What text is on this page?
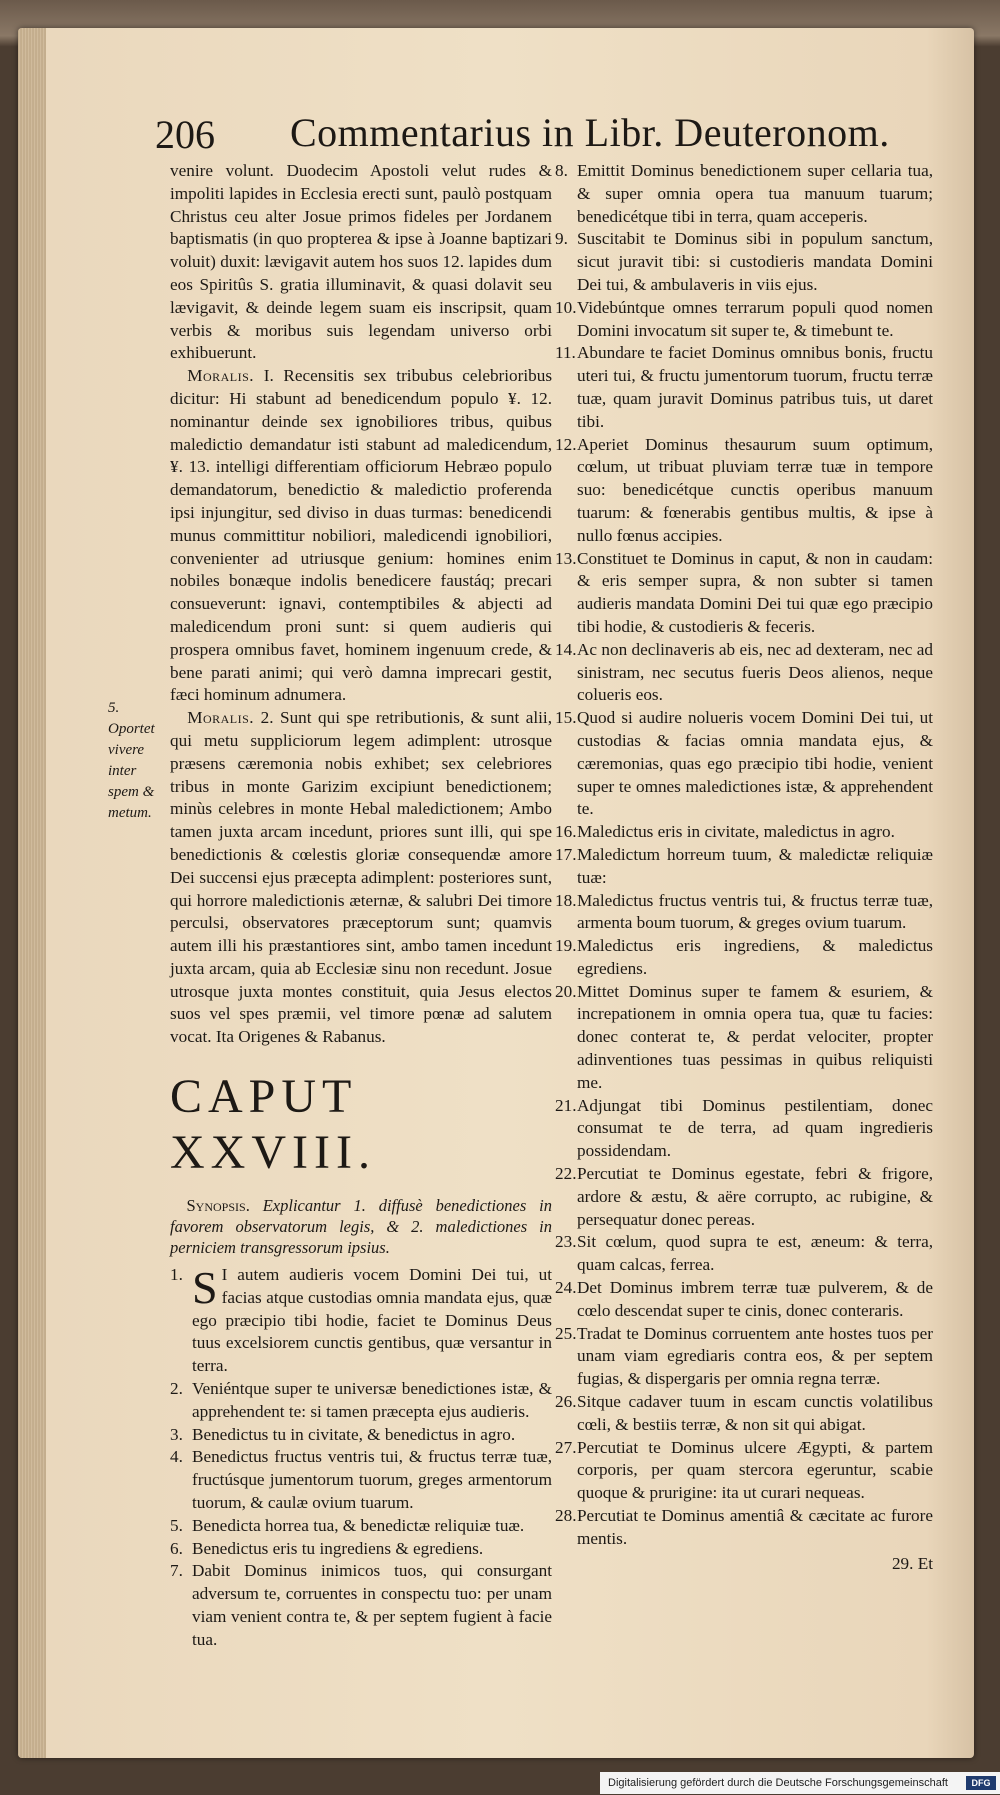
206 Commentarius in Libr. Deuteronom.
5. Oportet vivere inter spem & metum.

venire volunt. Duodecim Apostoli velut rudes & impoliti lapides in Ecclesia erecti sunt, paulò postquam Christus ceu alter Josue primos fideles per Jordanem baptismatis (in quo propterea & ipse à Joanne baptizari voluit) duxit: lævigavit autem hos suos 12. lapides dum eos Spiritûs S. gratia illuminavit, & quasi dolavit seu lævigavit, & deinde legem suam eis inscripsit, quam verbis & moribus suis legendam universo orbi exhibuerunt.

 Moralis. I. Recensitis sex tribubus celebrioribus dicitur: Hi stabunt ad benedicendum populo ¥. 12. nominantur deinde sex ignobiliores tribus, quibus maledictio demandatur isti stabunt ad maledicendum, ¥. 13. intelligi differentiam officiorum Hebræo populo demandatorum, benedictio & maledictio proferenda ipsi injungitur, sed diviso in duas turmas: benedicendi munus committitur nobiliori, maledicendi ignobiliori, convenienter ad utriusque genium: homines enim nobiles bonæque indolis benedicere faustáq; precari consueverunt: ignavi, contemptibiles & abjecti ad maledicendum proni sunt: si quem audieris qui prospera omnibus favet, hominem ingenuum crede, & bene parati animi; qui verò damna imprecari gestit, fæci hominum adnumera.

 Moralis. 2. Sunt qui spe retributionis, & sunt alii, qui metu suppliciorum legem adimplent: utrosque præsens cæremonia nobis exhibet; sex celebriores tribus in monte Garizim excipiunt benedictionem; minùs celebres in monte Hebal maledictionem; Ambo tamen juxta arcam incedunt, priores sunt illi, qui spe benedictionis & cœlestis gloriæ consequendæ amore Dei succensi ejus præcepta adimplent: posteriores sunt, qui horrore maledictionis æternæ, & salubri Dei timore perculsi, observatores præceptorum sunt; quamvis autem illi his præstantiores sint, ambo tamen incedunt juxta arcam, quia ab Ecclesiæ sinu non recedunt. Josue utrosque juxta montes constituit, quia Jesus electos suos vel spes præmii, vel timore pœnæ ad salutem vocat. Ita Origenes & Rabanus.

CAPUT XXVIII.

 Synopsis. Explicantur 1. diffusè benedictiones in favorem observatorum legis, & 2. maledictiones in perniciem transgressorum ipsius.

1. S I autem audieris vocem Domini Dei tui, ut facias atque custodias omnia mandata ejus, quæ ego præcipio tibi hodie, faciet te Dominus Deus tuus excelsiorem cunctis gentibus, quæ versantur in terra.

2. Veniéntque super te universæ benedictiones istæ, & apprehendent te: si tamen præcepta ejus audieris.

3. Benedictus tu in civitate, & benedictus in agro.

4. Benedictus fructus ventris tui, & fructus terræ tuæ, fructúsque jumentorum tuorum, greges armentorum tuorum, & caulæ ovium tuarum.

5. Benedicta horrea tua, & benedictæ reliquiæ tuæ.

6. Benedictus eris tu ingrediens & egrediens.

7. Dabit Dominus inimicos tuos, qui consurgant adversum te, corruentes in conspectu tuo: per unam viam venient contra te, & per septem fugient à facie tua.

8. Emittit Dominus benedictionem super cellaria tua, & super omnia opera tua manuum tuarum; benedicétque tibi in terra, quam acceperis.

9. Suscitabit te Dominus sibi in populum sanctum, sicut juravit tibi: si custodieris mandata Domini Dei tui, & ambulaveris in viis ejus.

10. Videbúntque omnes terrarum populi quod nomen Domini invocatum sit super te, & timebunt te.

11. Abundare te faciet Dominus omnibus bonis, fructu uteri tui, & fructu jumentorum tuorum, fructu terræ tuæ, quam juravit Dominus patribus tuis, ut daret tibi.

12. Aperiet Dominus thesaurum suum optimum, cœlum, ut tribuat pluviam terræ tuæ in tempore suo: benedicétque cunctis operibus manuum tuarum: & fœnerabis gentibus multis, & ipse à nullo fœnus accipies.

13. Constituet te Dominus in caput, & non in caudam: & eris semper supra, & non subter si tamen audieris mandata Domini Dei tui quæ ego præcipio tibi hodie, & custodieris & feceris.

14. Ac non declinaveris ab eis, nec ad dexteram, nec ad sinistram, nec secutus fueris Deos alienos, neque colueris eos.

15. Quod si audire nolueris vocem Domini Dei tui, ut custodias & facias omnia mandata ejus, & cæremonias, quas ego præcipio tibi hodie, venient super te omnes maledictiones istæ, & apprehendent te.

16. Maledictus eris in civitate, maledictus in agro.

17. Maledictum horreum tuum, & maledictæ reliquiæ tuæ:

18. Maledictus fructus ventris tui, & fructus terræ tuæ, armenta boum tuorum, & greges ovium tuarum.

19. Maledictus eris ingrediens, & maledictus egrediens.

20. Mittet Dominus super te famem & esuriem, & increpationem in omnia opera tua, quæ tu facies: donec conterat te, & perdat velociter, propter adinventiones tuas pessimas in quibus reliquisti me.

21. Adjungat tibi Dominus pestilentiam, donec consumat te de terra, ad quam ingredieris possidendam.

22. Percutiat te Dominus egestate, febri & frigore, ardore & æstu, & aëre corrupto, ac rubigine, & persequatur donec pereas.

23. Sit cœlum, quod supra te est, æneum: & terra, quam calcas, ferrea.

24. Det Dominus imbrem terræ tuæ pulverem, & de cœlo descendat super te cinis, donec conteraris.

25. Tradat te Dominus corruentem ante hostes tuos per unam viam egrediaris contra eos, & per septem fugias, & dispergaris per omnia regna terræ.

26. Sitque cadaver tuum in escam cunctis volatilibus cœli, & bestiis terræ, & non sit qui abigat.

27. Percutiat te Dominus ulcere Ægypti, & partem corporis, per quam stercora egeruntur, scabie quoque & prurigine: ita ut curari nequeas.

28. Percutiat te Dominus amentiâ & cæcitate ac furore mentis.

29. Et
Digitalisierung gefördert durch die Deutsche Forschungsgemeinschaft	DFG
